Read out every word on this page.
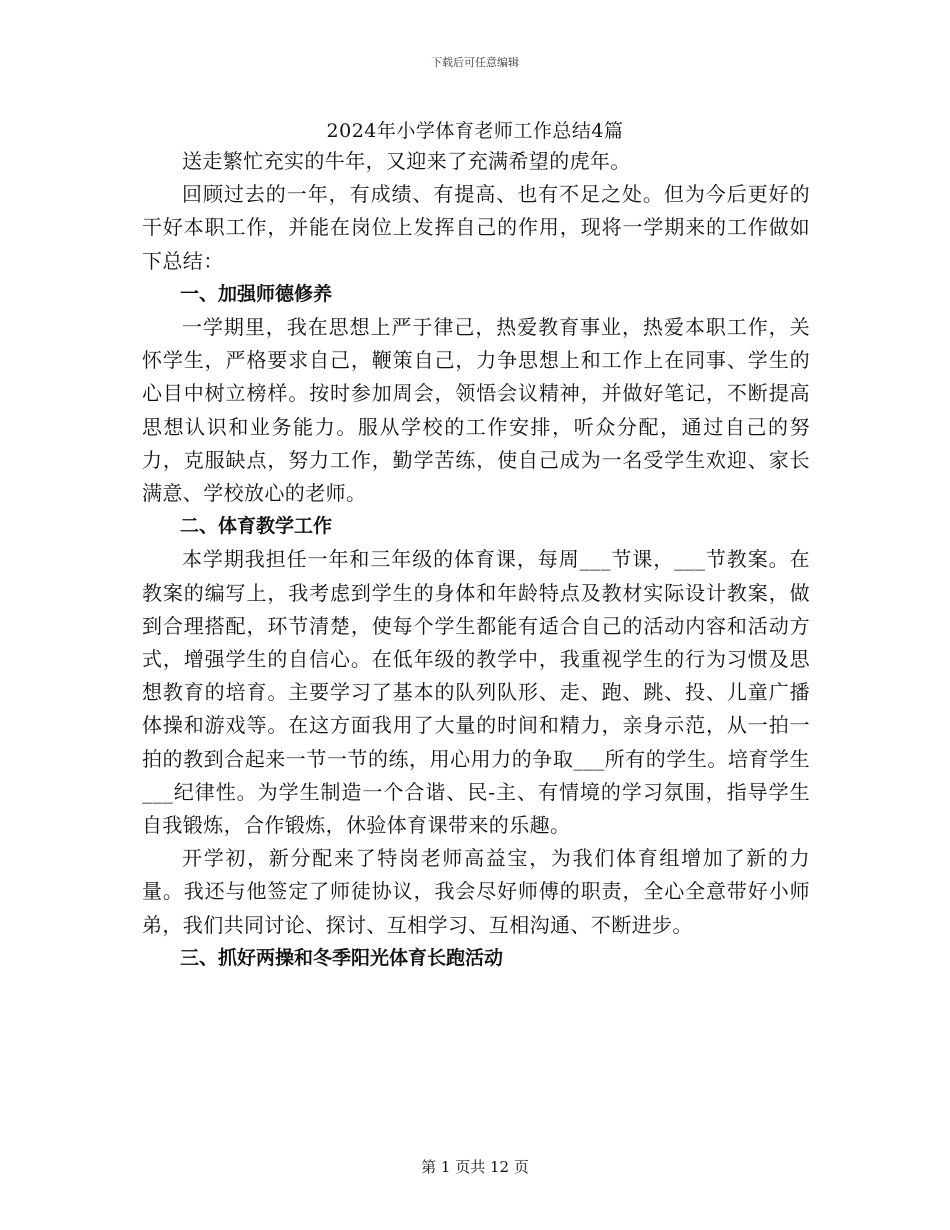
下载后可任意编辑
2024年小学体育老师工作总结4篇

送走繁忙充实的牛年，又迎来了充满希望的虎年。

回顾过去的一年，有成绩、有提高、也有不足之处。但为今后更好的干好本职工作，并能在岗位上发挥自己的作用，现将一学期来的工作做如下总结：

一、加强师德修养

一学期里，我在思想上严于律己，热爱教育事业，热爱本职工作，关怀学生，严格要求自己，鞭策自己，力争思想上和工作上在同事、学生的心目中树立榜样。按时参加周会，领悟会议精神，并做好笔记，不断提高思想认识和业务能力。服从学校的工作安排，听众分配，通过自己的努力，克服缺点，努力工作，勤学苦练，使自己成为一名受学生欢迎、家长满意、学校放心的老师。

二、体育教学工作

本学期我担任一年和三年级的体育课，每周___节课，___节教案。在教案的编写上，我考虑到学生的身体和年龄特点及教材实际设计教案，做到合理搭配，环节清楚，使每个学生都能有适合自己的活动内容和活动方式，增强学生的自信心。在低年级的教学中，我重视学生的行为习惯及思想教育的培育。主要学习了基本的队列队形、走、跑、跳、投、儿童广播体操和游戏等。在这方面我用了大量的时间和精力，亲身示范，从一拍一拍的教到合起来一节一节的练，用心用力的争取___所有的学生。培育学生___纪律性。为学生制造一个合谐、民-主、有情境的学习氛围，指导学生自我锻炼，合作锻炼，休验体育课带来的乐趣。

开学初，新分配来了特岗老师高益宝，为我们体育组增加了新的力量。我还与他签定了师徒协议，我会尽好师傅的职责，全心全意带好小师弟，我们共同讨论、探讨、互相学习、互相沟通、不断进步。

三、抓好两操和冬季阳光体育长跑活动

第 1 页共 12 页
